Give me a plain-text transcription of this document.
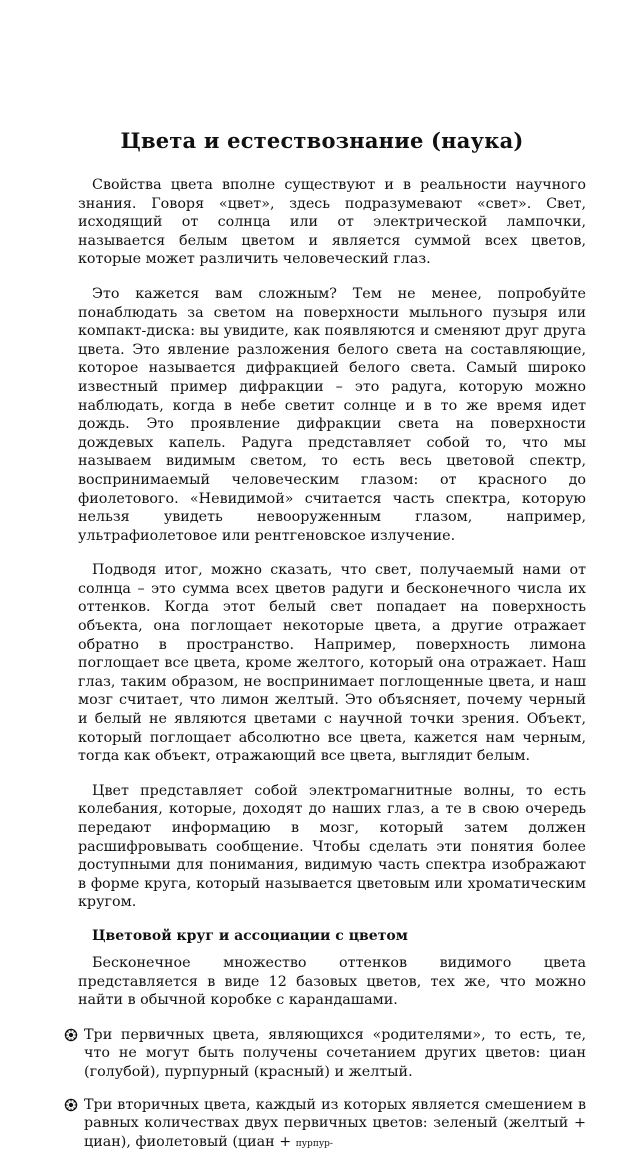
Цвета и естествознание (наука)

Свойства цвета вполне существуют и в реальности научного знания. Говоря «цвет», здесь подразумевают «свет». Свет, исходящий от солнца или от электрической лампочки, называется белым цветом и является суммой всех цветов, которые может различить человеческий глаз.

Это кажется вам сложным? Тем не менее, попробуйте понаблюдать за светом на поверхности мыльного пузыря или компакт-диска: вы увидите, как появляются и сменяют друг друга цвета. Это явление разложения белого света на составляющие, которое называется дифракцией белого света. Самый широко известный пример дифракции – это радуга, которую можно наблюдать, когда в небе светит солнце и в то же время идет дождь. Это проявление дифракции света на поверхности дождевых капель. Радуга представляет собой то, что мы называем видимым светом, то есть весь цветовой спектр, воспринимаемый человеческим глазом: от красного до фиолетового. «Невидимой» считается часть спектра, которую нельзя увидеть невооруженным глазом, например, ультрафиолетовое или рентгеновское излучение.

Подводя итог, можно сказать, что свет, получаемый нами от солнца – это сумма всех цветов радуги и бесконечного числа их оттенков. Когда этот белый свет попадает на поверхность объекта, она поглощает некоторые цвета, а другие отражает обратно в пространство. Например, поверхность лимона поглощает все цвета, кроме желтого, который она отражает. Наш глаз, таким образом, не воспринимает поглощенные цвета, и наш мозг считает, что лимон желтый. Это объясняет, почему черный и белый не являются цветами с научной точки зрения. Объект, который поглощает абсолютно все цвета, кажется нам черным, тогда как объект, отражающий все цвета, выглядит белым.

Цвет представляет собой электромагнитные волны, то есть колебания, которые, доходят до наших глаз, а те в свою очередь передают информацию в мозг, который затем должен расшифровывать сообщение. Чтобы сделать эти понятия более доступными для понимания, видимую часть спектра изображают в форме круга, который называется цветовым или хроматическим кругом.

Цветовой круг и ассоциации с цветом

Бесконечное множество оттенков видимого цвета представляется в виде 12 базовых цветов, тех же, что можно найти в обычной коробке с карандашами.

Три первичных цвета, являющихся «родителями», то есть, те, что не могут быть получены сочетанием других цветов: циан (голубой), пурпурный (красный) и желтый.

Три вторичных цвета, каждый из которых является смешением в равных количествах двух первичных цветов: зеленый (желтый + циан), фиолетовый (циан + пурпур-
